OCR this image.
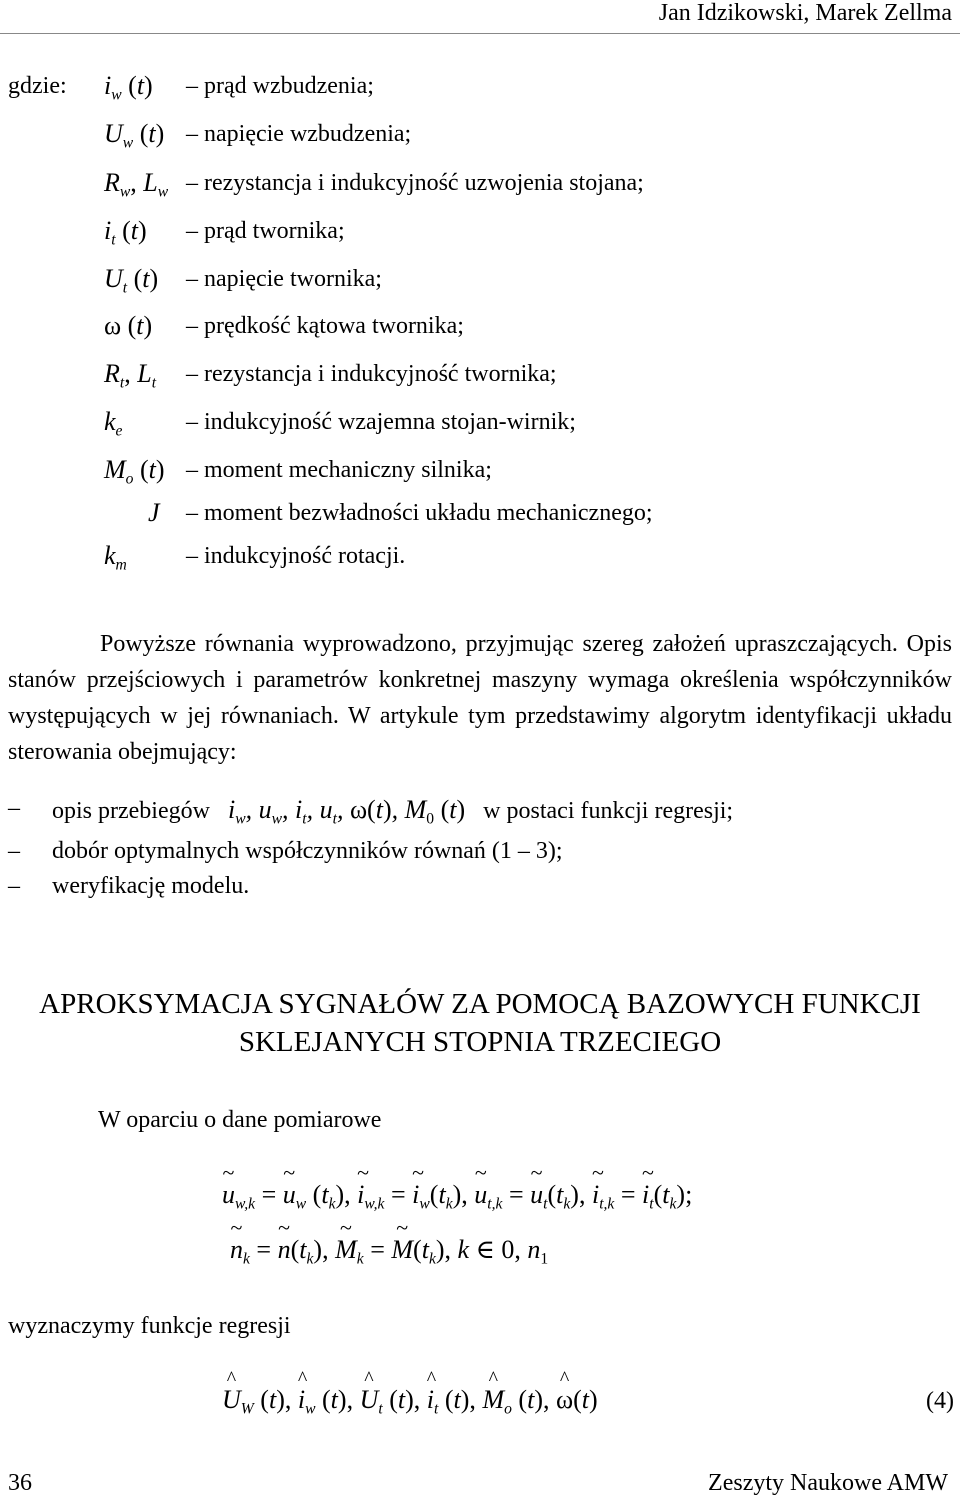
Jan Idzikowski, Marek Zellma
gdzie: $i_w$ (t) – prąd wzbudzenia;
$U_w$ (t) – napięcie wzbudzenia;
$R_w$, $L_w$ – rezystancja i indukcyjność uzwojenia stojana;
$i_t$ (t) – prąd twornika;
$U_t$ (t) – napięcie twornika;
ω (t) – prędkość kątowa twornika;
$R_t$, $L_t$ – rezystancja i indukcyjność twornika;
$k_e$	– indukcyjność wzajemna stojan-wirnik;
$M_o$ (t) – moment mechaniczny silnika;
J – moment bezwładności układu mechanicznego;
$k_m$ – indukcyjność rotacji.

Powyższe równania wyprowadzono, przyjmując szereg założeń upraszczających. Opis stanów przejściowych i parametrów konkretnej maszyny wymaga określenia współczynników występujących w jej równaniach. W artykule tym przedstawimy algorytm identyfikacji układu sterowania obejmujący:

– opis przebiegów $i_w$, $u_w$, $i_t$, $u_t$, ω(t), $M_0$ (t) w postaci funkcji regresji;
– dobór optymalnych współczynników równań (1 – 3);
– weryfikację modelu.
APROKSYMACJA SYGNAŁÓW ZA POMOCĄ BAZOWYCH FUNKCJI
SKLEJANYCH STOPNIA TRZECIEGO
W oparciu o dane pomiarowe
~ $u_{w,k}$ = ~ $u_w$ $(t_k)$, ~ $i_{w,k}$ = ~ $i_w(t_k)$, ~ $u_{t,k}$ = ~ $u_t(t_k)$, ~ $i_{t,k}$ = ~ $i_t(t_k)$;
~ $n_k$ = ~ $n(t_k)$, ~ $M_k$ = ~ $M(t_k)$, k ∈ 0, $n_1$
wyznaczymy funkcje regresji
^ $U_W$ (t), ^ $i_w$ (t), ^ $U_t$ (t), ^ $i_t$ (t), ^ $M_o$ (t), ^ ω(t)	(4)
36	Zeszyty Naukowe AMW
